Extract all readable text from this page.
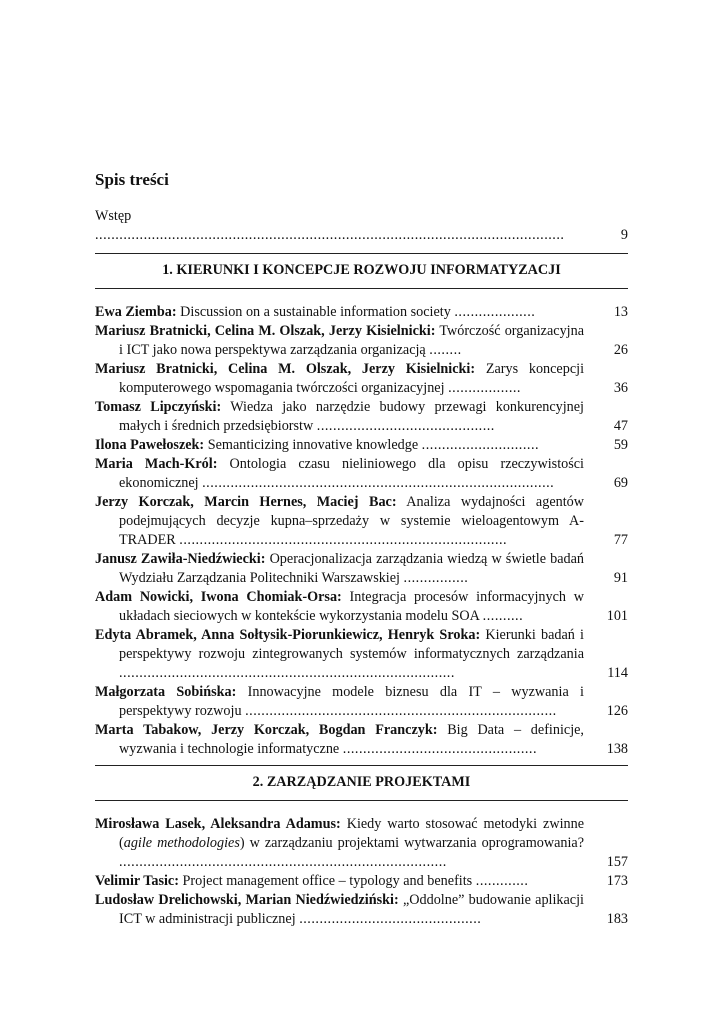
Spis treści
Wstęp ....................................................................................................................	9
1. KIERUNKI I KONCEPCJE ROZWOJU INFORMATYZACJI
Ewa Ziemba: Discussion on a sustainable information society ....................	13
Mariusz Bratnicki, Celina M. Olszak, Jerzy Kisielnicki: Twórczość organizacyjna i ICT jako nowa perspektywa zarządzania organizacją ........	26
Mariusz Bratnicki, Celina M. Olszak, Jerzy Kisielnicki: Zarys koncepcji komputerowego wspomagania twórczości organizacyjnej ..................	36
Tomasz Lipczyński: Wiedza jako narzędzie budowy przewagi konkurencyjnej małych i średnich przedsiębiorstw ............................................	47
Ilona Pawełoszek: Semanticizing innovative knowledge .............................	59
Maria Mach-Król: Ontologia czasu nieliniowego dla opisu rzeczywistości ekonomicznej .......................................................................................	69
Jerzy Korczak, Marcin Hernes, Maciej Bac: Analiza wydajności agentów podejmujących decyzje kupna–sprzedaży w systemie wieloagentowym A-TRADER .................................................................................	77
Janusz Zawiła-Niedźwiecki: Operacjonalizacja zarządzania wiedzą w świetle badań Wydziału Zarządzania Politechniki Warszawskiej ................	91
Adam Nowicki, Iwona Chomiak-Orsa: Integracja procesów informacyjnych w układach sieciowych w kontekście wykorzystania modelu SOA ..........	101
Edyta Abramek, Anna Sołtysik-Piorunkiewicz, Henryk Sroka: Kierunki badań i perspektywy rozwoju zintegrowanych systemów informatycznych zarządzania ...................................................................................	114
Małgorzata Sobińska: Innowacyjne modele biznesu dla IT – wyzwania i perspektywy rozwoju .............................................................................	126
Marta Tabakow, Jerzy Korczak, Bogdan Franczyk: Big Data – definicje, wyzwania i technologie informatyczne ................................................	138
2. ZARZĄDZANIE PROJEKTAMI
Mirosława Lasek, Aleksandra Adamus: Kiedy warto stosować metodyki zwinne (agile methodologies) w zarządzaniu projektami wytwarzania oprogramowania? .................................................................................	157
Velimir Tasic: Project management office – typology and benefits .............	173
Ludosław Drelichowski, Marian Niedźwiedziński: „Oddolne” budowanie aplikacji ICT w administracji publicznej .............................................	183
